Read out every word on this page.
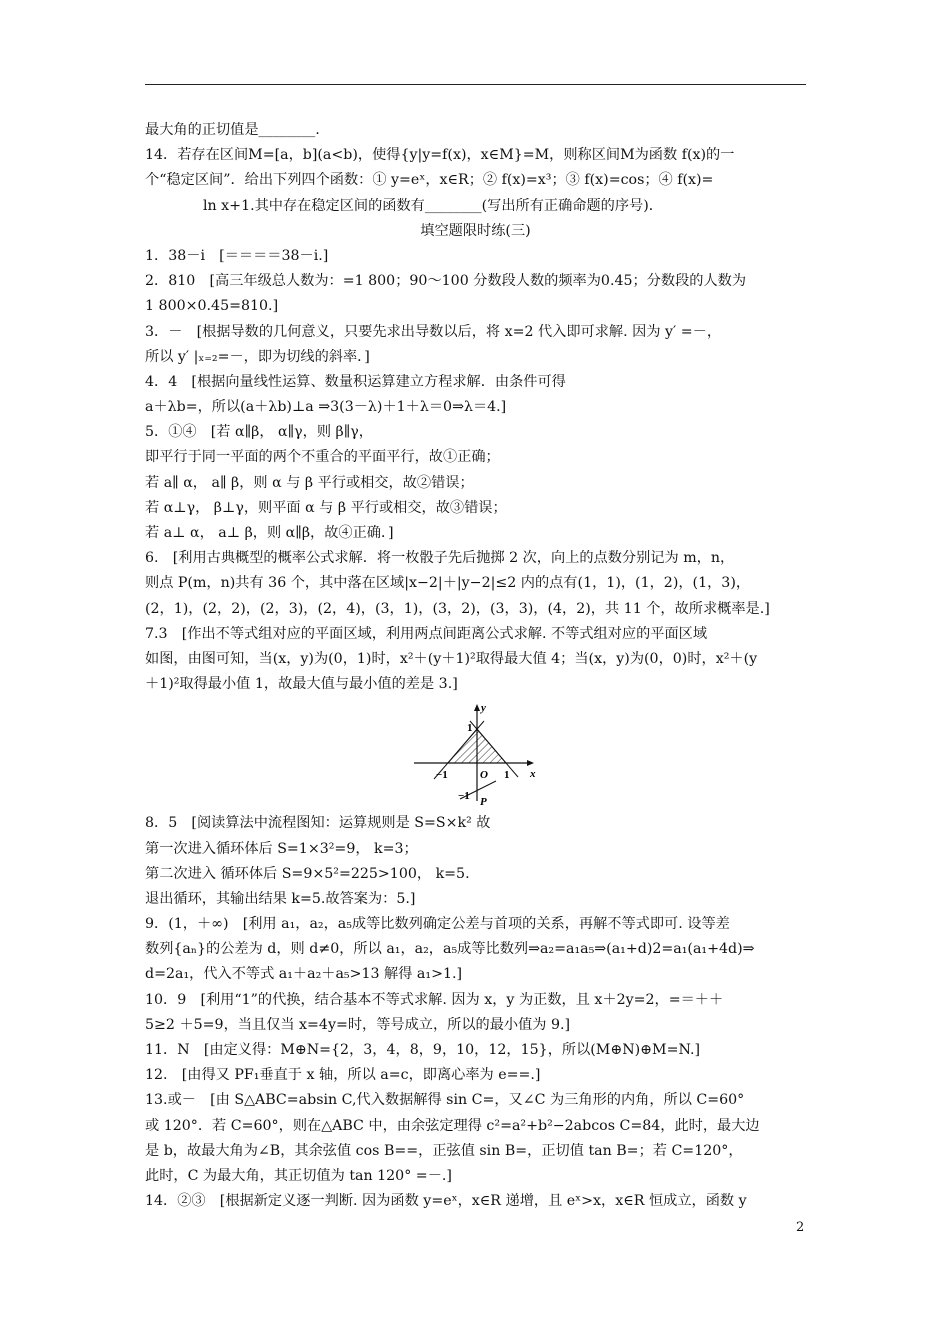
最大角的正切值是________.
14．若存在区间M=[a，b](a<b)，使得{y|y=f(x)，x∈M}=M，则称区间M为函数 f(x)的一
个“稳定区间”．给出下列四个函数：① y=eˣ，x∈R；② f(x)=x³；③ f(x)=cos；④ f(x)=
ln x+1.其中存在稳定区间的函数有________(写出所有正确命题的序号)．
填空题限时练(三)
1．38－i　[＝＝＝＝38－i.]
2．810　[高三年级总人数为：=1 800；90～100 分数段人数的频率为0.45；分数段的人数为
1 800×0.45=810.]
3．－　[根据导数的几何意义，只要先求出导数以后，将 x=2 代入即可求解. 因为 y′ =－，
所以 y′ |ₓ₌₂=－，即为切线的斜率．]
4．4　[根据向量线性运算、数量积运算建立方程求解．由条件可得
a＋λb=，所以(a＋λb)⊥a ⇒3(3－λ)＋1＋λ＝0⇒λ＝4.]
5．①④　[若 α∥β， α∥γ，则 β∥γ，
即平行于同一平面的两个不重合的平面平行，故①正确；
若 a∥ α， a∥ β，则 α 与 β 平行或相交，故②错误；
若 α⊥γ， β⊥γ，则平面 α 与 β 平行或相交，故③错误；
若 a⊥ α， a⊥ β，则 α∥β，故④正确．]
6.　[利用古典概型的概率公式求解．将一枚骰子先后抛掷 2 次，向上的点数分别记为 m，n，
则点 P(m，n)共有 36 个，其中落在区域|x−2|＋|y−2|≤2 内的点有(1，1)，(1，2)，(1，3)，
(2，1)，(2，2)，(2，3)，(2，4)，(3，1)，(3，2)，(3，3)，(4，2)，共 11 个，故所求概率是.]
7.3　[作出不等式组对应的平面区域，利用两点间距离公式求解. 不等式组对应的平面区域
如图，由图可知，当(x，y)为(0，1)时，x²＋(y＋1)²取得最大值 4；当(x，y)为(0，0)时，x²＋(y
＋1)²取得最小值 1，故最大值与最小值的差是 3.]
y
x
O
1
1
−1
−1 P
8．5　[阅读算法中流程图知：运算规则是 S=S×k² 故
第一次进入循环体后 S=1×3²=9， k=3；
第二次进入 循环体后 S=9×5²=225>100， k=5.
退出循环，其输出结果 k=5.故答案为：5.]
9．(1，＋∞)　[利用 a₁，a₂，a₅成等比数列确定公差与首项的关系，再解不等式即可. 设等差
数列{aₙ}的公差为 d，则 d≠0，所以 a₁，a₂，a₅成等比数列⇒a₂=a₁a₅⇒(a₁+d)2=a₁(a₁+4d)⇒
d=2a₁，代入不等式 a₁＋a₂＋a₅>13 解得 a₁>1.]
10．9　[利用“1”的代换，结合基本不等式求解. 因为 x，y 为正数，且 x＋2y=2，=＝＋＋
5≥2 ＋5=9，当且仅当 x=4y=时，等号成立，所以的最小值为 9.]
11．N　[由定义得：M⊕N={2，3，4，8，9，10，12，15}，所以(M⊕N)⊕M=N.]
12.　[由得又 PF₁垂直于 x 轴，所以 a=c，即离心率为 e==.]
13.或－　[由 S△ABC=absin C,代入数据解得 sin C=，又∠C 为三角形的内角，所以 C=60°
或 120°．若 C=60°，则在△ABC 中，由余弦定理得 c²=a²+b²−2abcos C=84，此时，最大边
是 b，故最大角为∠B，其余弦值 cos B==，正弦值 sin B=，正切值 tan B=；若 C=120°，
此时，C 为最大角，其正切值为 tan 120° =－.]
14．②③　[根据新定义逐一判断. 因为函数 y=eˣ，x∈R 递增，且 eˣ>x，x∈R 恒成立，函数 y
2
